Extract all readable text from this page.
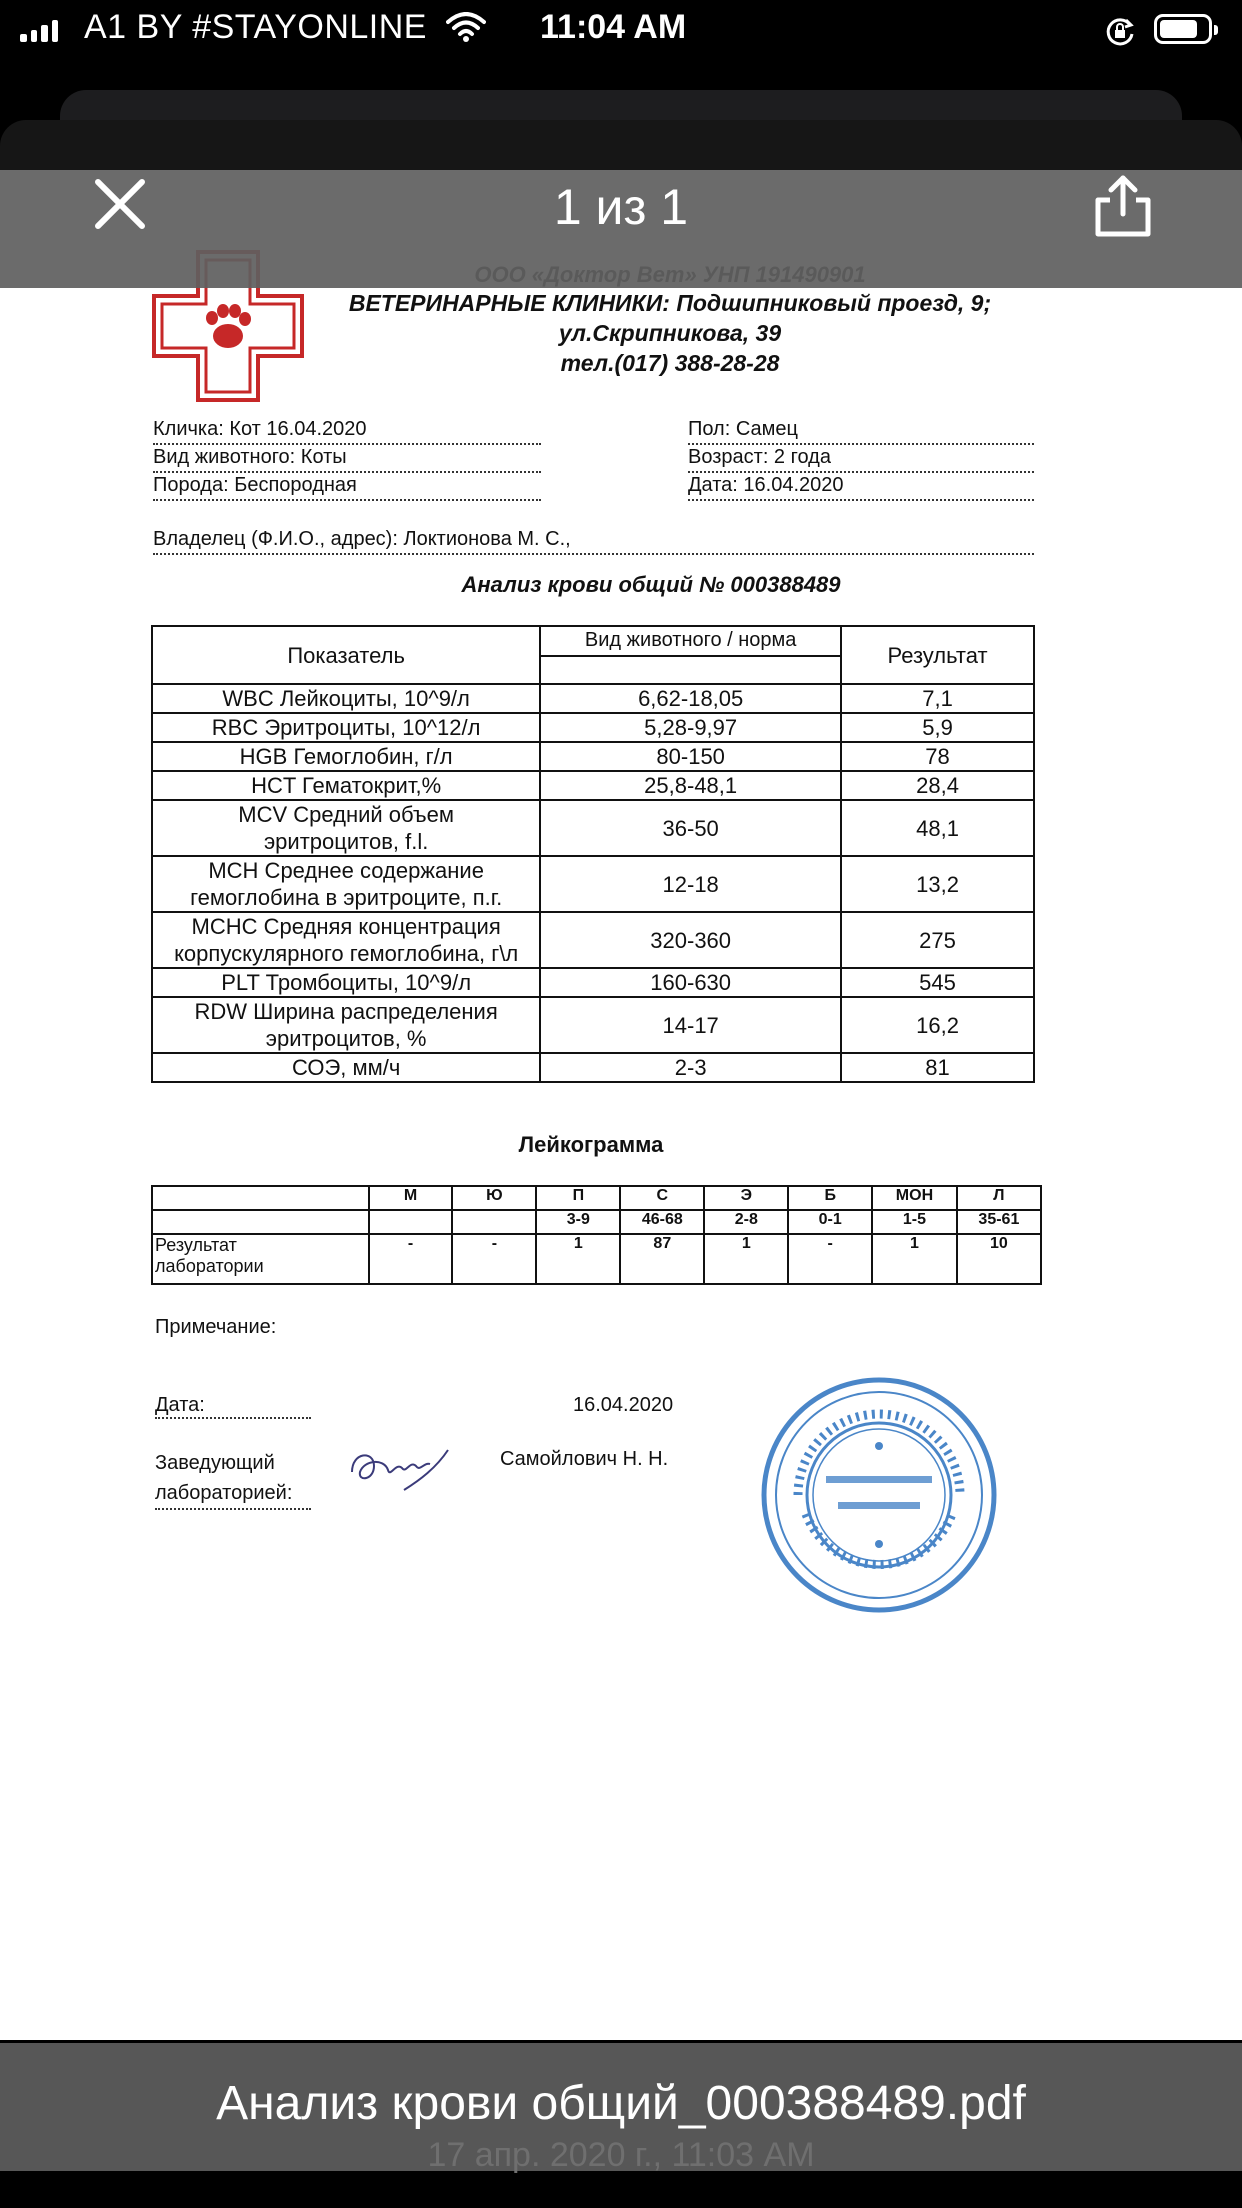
A1 BY #STAYONLINE	11:04 AM
ВЕТЕРИНАРНЫЕ КЛИНИКИ: Подшипниковый проезд, 9;
ул.Скрипникова, 39
тел.(017) 388-28-28
Кличка: Кот 16.04.2020
Вид животного: Коты
Порода: Беспородная
Пол: Самец
Возраст: 2 года
Дата: 16.04.2020
Владелец (Ф.И.О., адрес): Локтионова М. С.,
Анализ крови общий № 000388489
Показатель	Вид животного / норма	Результат

WBC Лейкоциты, 10^9/л	6,62-18,05	7,1
RBC Эритроциты, 10^12/л	5,28-9,97	5,9
HGB Гемоглобин, г/л	80-150	78
HCT Гематокрит,%	25,8-48,1	28,4
MCV Средний объем
эритроцитов, f.l.	36-50	48,1
MCH Среднее содержание
гемоглобина в эритроците, п.г.	12-18	13,2
MCHC Средняя концентрация
корпускулярного гемоглобина, г\л	320-360	275
PLT Тромбоциты, 10^9/л	160-630	545
RDW Ширина распределения
эритроцитов, %	14-17	16,2
СОЭ, мм/ч	2-3	81
Лейкограмма
	М	Ю	П	С	Э	Б	МОН	Л
			3-9	46-68	2-8	0-1	1-5	35-61
Результат
лаборатории	-	-	1	87	1	-	1	10
Примечание:
Дата:	16.04.2020
Заведующий
лабораторией:
Самойлович Н. Н.
1 из 1
Анализ крови общий_000388489.pdf
17 апр. 2020 г., 11:03 AM
